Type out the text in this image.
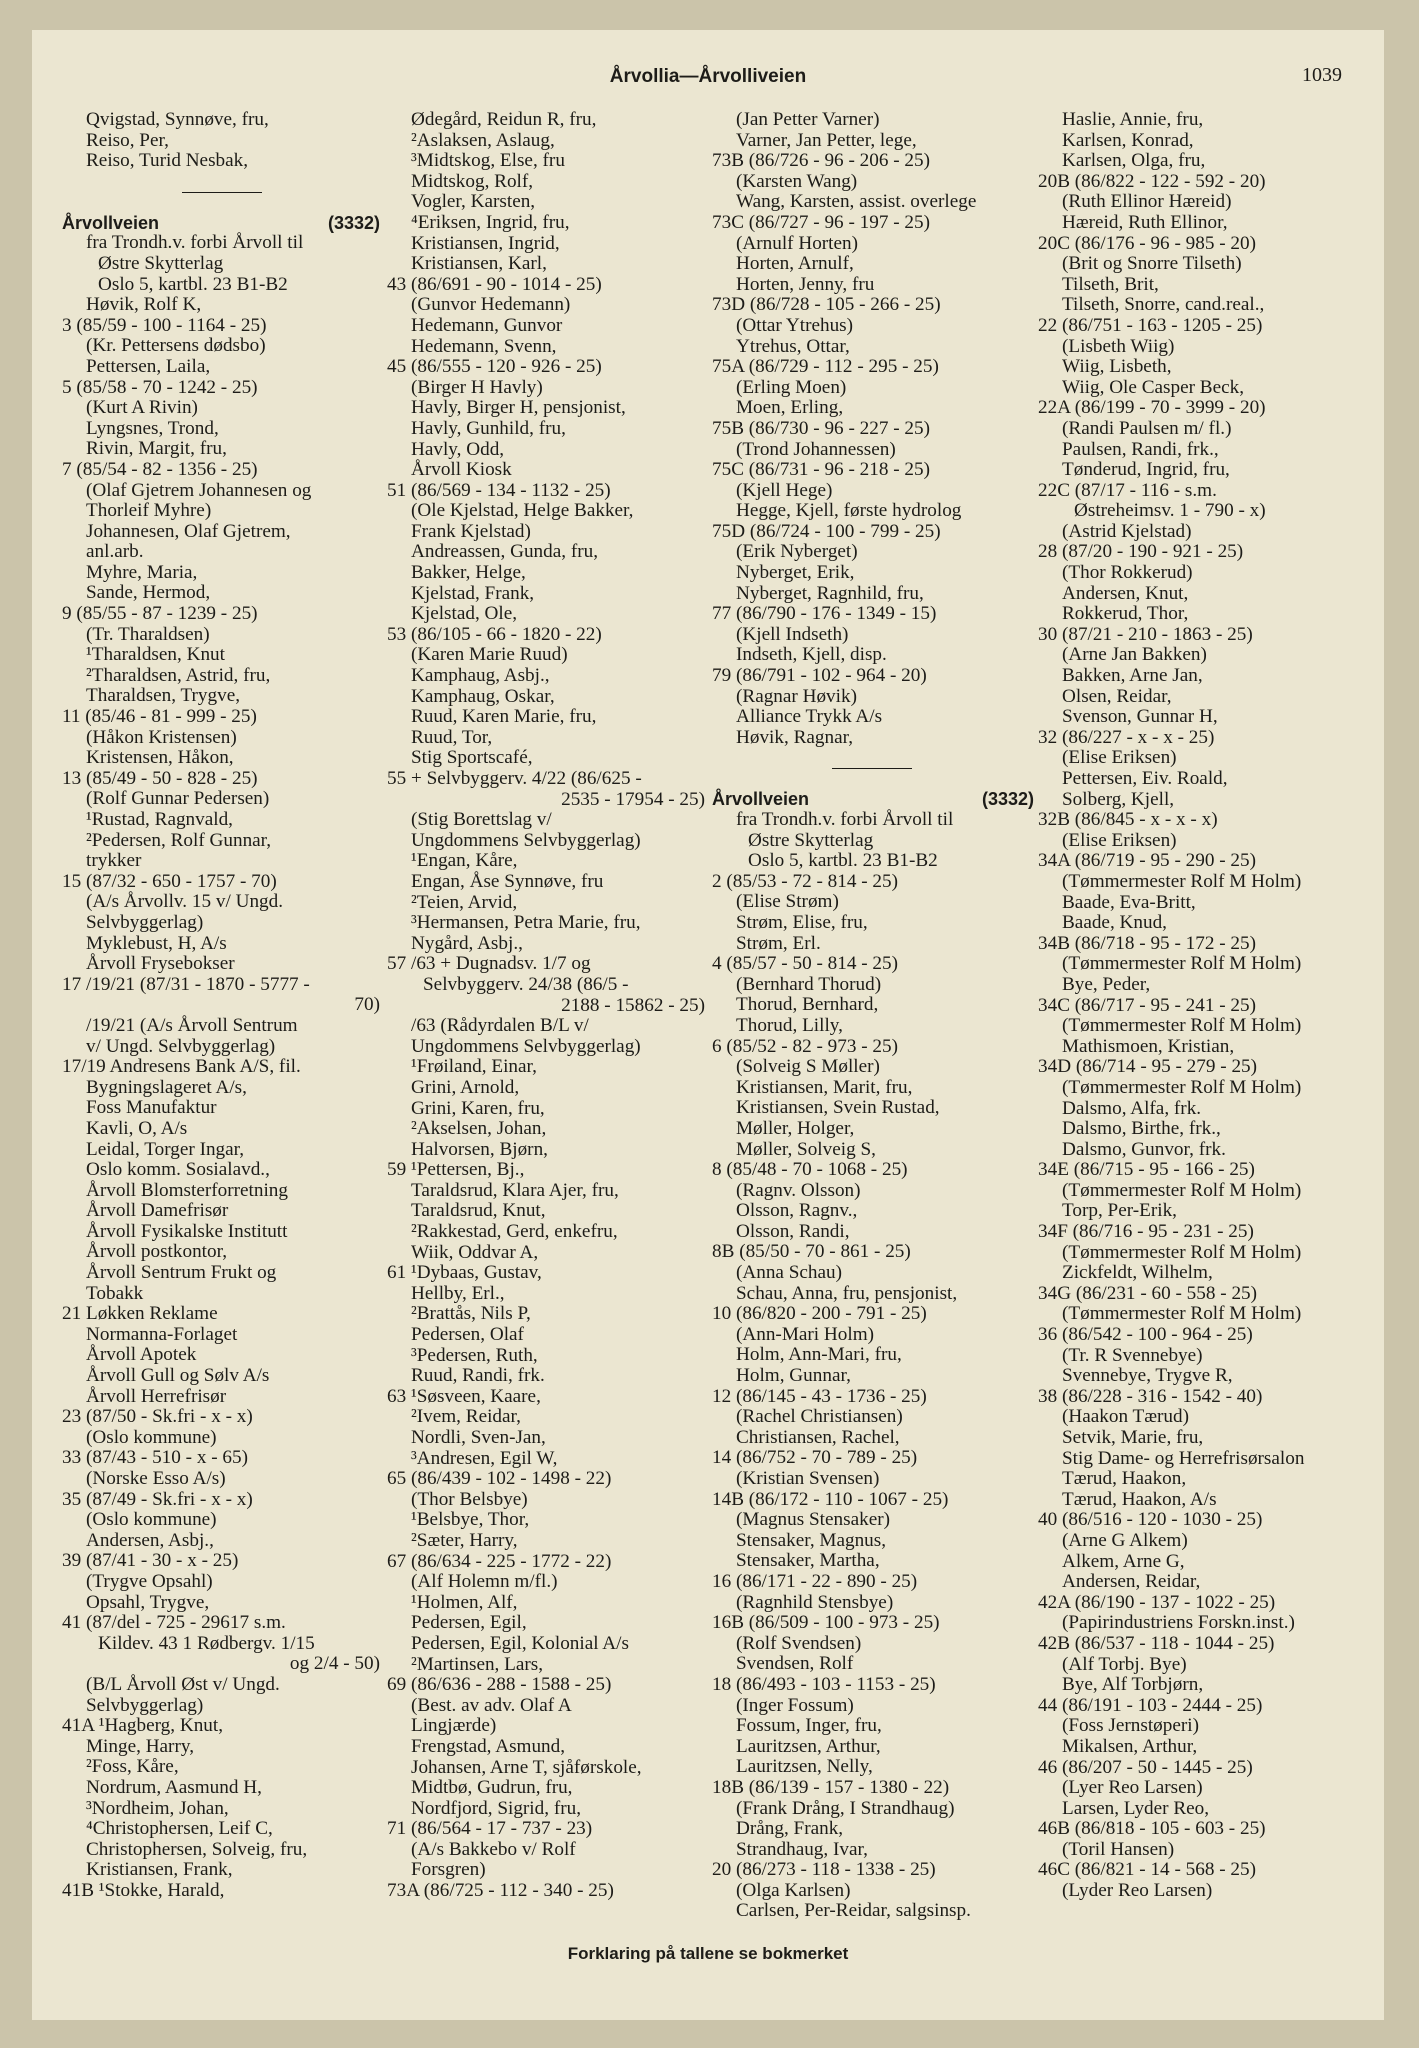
Årvollia—Årvolliveien	1039
Qvigstad, Synnøve, fru,
Reiso, Per,
Reiso, Turid Nesbak,
Årvollveien	(3332)
fra Trondh.v. forbi Årvoll til
Østre Skytterlag
Oslo 5, kartbl. 23 B1-B2
Høvik, Rolf K,
3 (85/59 - 100 - 1164 - 25)
(Kr. Pettersens dødsbo)
Pettersen, Laila,
5 (85/58 - 70 - 1242 - 25)
(Kurt A Rivin)
Lyngsnes, Trond,
Rivin, Margit, fru,
7 (85/54 - 82 - 1356 - 25)
(Olaf Gjetrem Johannesen og
Thorleif Myhre)
Johannesen, Olaf Gjetrem,
anl.arb.
Myhre, Maria,
Sande, Hermod,
9 (85/55 - 87 - 1239 - 25)
(Tr. Tharaldsen)
¹Tharaldsen, Knut
²Tharaldsen, Astrid, fru,
Tharaldsen, Trygve,
11 (85/46 - 81 - 999 - 25)
(Håkon Kristensen)
Kristensen, Håkon,
13 (85/49 - 50 - 828 - 25)
(Rolf Gunnar Pedersen)
¹Rustad, Ragnvald,
²Pedersen, Rolf Gunnar,
trykker
15 (87/32 - 650 - 1757 - 70)
(A/s Årvollv. 15 v/ Ungd.
Selvbyggerlag)
Myklebust, H, A/s
Årvoll Frysebokser
17 /19/21 (87/31 - 1870 - 5777 -
70)
/19/21 (A/s Årvoll Sentrum
v/ Ungd. Selvbyggerlag)
17/19 Andresens Bank A/S, fil.
Bygningslageret A/s,
Foss Manufaktur
Kavli, O, A/s
Leidal, Torger Ingar,
Oslo komm. Sosialavd.,
Årvoll Blomsterforretning
Årvoll Damefrisør
Årvoll Fysikalske Institutt
Årvoll postkontor,
Årvoll Sentrum Frukt og
Tobakk
21 Løkken Reklame
Normanna-Forlaget
Årvoll Apotek
Årvoll Gull og Sølv A/s
Årvoll Herrefrisør
23 (87/50 - Sk.fri - x - x)
(Oslo kommune)
33 (87/43 - 510 - x - 65)
(Norske Esso A/s)
35 (87/49 - Sk.fri - x - x)
(Oslo kommune)
Andersen, Asbj.,
39 (87/41 - 30 - x - 25)
(Trygve Opsahl)
Opsahl, Trygve,
41 (87/del - 725 - 29617 s.m.
Kildev. 43 1 Rødbergv. 1/15
og 2/4 - 50)
(B/L Årvoll Øst v/ Ungd.
Selvbyggerlag)
41A ¹Hagberg, Knut,
Minge, Harry,
²Foss, Kåre,
Nordrum, Aasmund H,
³Nordheim, Johan,
⁴Christophersen, Leif C,
Christophersen, Solveig, fru,
Kristiansen, Frank,
41B ¹Stokke, Harald,
Ødegård, Reidun R, fru,
²Aslaksen, Aslaug,
³Midtskog, Else, fru
Midtskog, Rolf,
Vogler, Karsten,
⁴Eriksen, Ingrid, fru,
Kristiansen, Ingrid,
Kristiansen, Karl,
43 (86/691 - 90 - 1014 - 25)
(Gunvor Hedemann)
Hedemann, Gunvor
Hedemann, Svenn,
45 (86/555 - 120 - 926 - 25)
(Birger H Havly)
Havly, Birger H, pensjonist,
Havly, Gunhild, fru,
Havly, Odd,
Årvoll Kiosk
51 (86/569 - 134 - 1132 - 25)
(Ole Kjelstad, Helge Bakker,
Frank Kjelstad)
Andreassen, Gunda, fru,
Bakker, Helge,
Kjelstad, Frank,
Kjelstad, Ole,
53 (86/105 - 66 - 1820 - 22)
(Karen Marie Ruud)
Kamphaug, Asbj.,
Kamphaug, Oskar,
Ruud, Karen Marie, fru,
Ruud, Tor,
Stig Sportscafé,
55 + Selvbyggerv. 4/22 (86/625 -
2535 - 17954 - 25)
(Stig Borettslag v/
Ungdommens Selvbyggerlag)
¹Engan, Kåre,
Engan, Åse Synnøve, fru
²Teien, Arvid,
³Hermansen, Petra Marie, fru,
Nygård, Asbj.,
57 /63 + Dugnadsv. 1/7 og
Selvbyggerv. 24/38 (86/5 -
2188 - 15862 - 25)
/63 (Rådyrdalen B/L v/
Ungdommens Selvbyggerlag)
¹Frøiland, Einar,
Grini, Arnold,
Grini, Karen, fru,
²Akselsen, Johan,
Halvorsen, Bjørn,
59 ¹Pettersen, Bj.,
Taraldsrud, Klara Ajer, fru,
Taraldsrud, Knut,
²Rakkestad, Gerd, enkefru,
Wiik, Oddvar A,
61 ¹Dybaas, Gustav,
Hellby, Erl.,
²Brattås, Nils P,
Pedersen, Olaf
³Pedersen, Ruth,
Ruud, Randi, frk.
63 ¹Søsveen, Kaare,
²Ivem, Reidar,
Nordli, Sven-Jan,
³Andresen, Egil W,
65 (86/439 - 102 - 1498 - 22)
(Thor Belsbye)
¹Belsbye, Thor,
²Sæter, Harry,
67 (86/634 - 225 - 1772 - 22)
(Alf Holemn m/fl.)
¹Holmen, Alf,
Pedersen, Egil,
Pedersen, Egil, Kolonial A/s
²Martinsen, Lars,
69 (86/636 - 288 - 1588 - 25)
(Best. av adv. Olaf A
Lingjærde)
Frengstad, Asmund,
Johansen, Arne T, sjåførskole,
Midtbø, Gudrun, fru,
Nordfjord, Sigrid, fru,
71 (86/564 - 17 - 737 - 23)
(A/s Bakkebo v/ Rolf
Forsgren)
73A (86/725 - 112 - 340 - 25)
(Jan Petter Varner)
Varner, Jan Petter, lege,
73B (86/726 - 96 - 206 - 25)
(Karsten Wang)
Wang, Karsten, assist. overlege
73C (86/727 - 96 - 197 - 25)
(Arnulf Horten)
Horten, Arnulf,
Horten, Jenny, fru
73D (86/728 - 105 - 266 - 25)
(Ottar Ytrehus)
Ytrehus, Ottar,
75A (86/729 - 112 - 295 - 25)
(Erling Moen)
Moen, Erling,
75B (86/730 - 96 - 227 - 25)
(Trond Johannessen)
75C (86/731 - 96 - 218 - 25)
(Kjell Hege)
Hegge, Kjell, første hydrolog
75D (86/724 - 100 - 799 - 25)
(Erik Nyberget)
Nyberget, Erik,
Nyberget, Ragnhild, fru,
77 (86/790 - 176 - 1349 - 15)
(Kjell Indseth)
Indseth, Kjell, disp.
79 (86/791 - 102 - 964 - 20)
(Ragnar Høvik)
Alliance Trykk A/s
Høvik, Ragnar,
Årvollveien	(3332)
fra Trondh.v. forbi Årvoll til
Østre Skytterlag
Oslo 5, kartbl. 23 B1-B2
2 (85/53 - 72 - 814 - 25)
(Elise Strøm)
Strøm, Elise, fru,
Strøm, Erl.
4 (85/57 - 50 - 814 - 25)
(Bernhard Thorud)
Thorud, Bernhard,
Thorud, Lilly,
6 (85/52 - 82 - 973 - 25)
(Solveig S Møller)
Kristiansen, Marit, fru,
Kristiansen, Svein Rustad,
Møller, Holger,
Møller, Solveig S,
8 (85/48 - 70 - 1068 - 25)
(Ragnv. Olsson)
Olsson, Ragnv.,
Olsson, Randi,
8B (85/50 - 70 - 861 - 25)
(Anna Schau)
Schau, Anna, fru, pensjonist,
10 (86/820 - 200 - 791 - 25)
(Ann-Mari Holm)
Holm, Ann-Mari, fru,
Holm, Gunnar,
12 (86/145 - 43 - 1736 - 25)
(Rachel Christiansen)
Christiansen, Rachel,
14 (86/752 - 70 - 789 - 25)
(Kristian Svensen)
14B (86/172 - 110 - 1067 - 25)
(Magnus Stensaker)
Stensaker, Magnus,
Stensaker, Martha,
16 (86/171 - 22 - 890 - 25)
(Ragnhild Stensbye)
16B (86/509 - 100 - 973 - 25)
(Rolf Svendsen)
Svendsen, Rolf
18 (86/493 - 103 - 1153 - 25)
(Inger Fossum)
Fossum, Inger, fru,
Lauritzsen, Arthur,
Lauritzsen, Nelly,
18B (86/139 - 157 - 1380 - 22)
(Frank Drång, I Strandhaug)
Drång, Frank,
Strandhaug, Ivar,
20 (86/273 - 118 - 1338 - 25)
(Olga Karlsen)
Carlsen, Per-Reidar, salgsinsp.
Haslie, Annie, fru,
Karlsen, Konrad,
Karlsen, Olga, fru,
20B (86/822 - 122 - 592 - 20)
(Ruth Ellinor Hæreid)
Hæreid, Ruth Ellinor,
20C (86/176 - 96 - 985 - 20)
(Brit og Snorre Tilseth)
Tilseth, Brit,
Tilseth, Snorre, cand.real.,
22 (86/751 - 163 - 1205 - 25)
(Lisbeth Wiig)
Wiig, Lisbeth,
Wiig, Ole Casper Beck,
22A (86/199 - 70 - 3999 - 20)
(Randi Paulsen m/ fl.)
Paulsen, Randi, frk.,
Tønderud, Ingrid, fru,
22C (87/17 - 116 - s.m.
Østreheimsv. 1 - 790 - x)
(Astrid Kjelstad)
28 (87/20 - 190 - 921 - 25)
(Thor Rokkerud)
Andersen, Knut,
Rokkerud, Thor,
30 (87/21 - 210 - 1863 - 25)
(Arne Jan Bakken)
Bakken, Arne Jan,
Olsen, Reidar,
Svenson, Gunnar H,
32 (86/227 - x - x - 25)
(Elise Eriksen)
Pettersen, Eiv. Roald,
Solberg, Kjell,
32B (86/845 - x - x - x)
(Elise Eriksen)
34A (86/719 - 95 - 290 - 25)
(Tømmermester Rolf M Holm)
Baade, Eva-Britt,
Baade, Knud,
34B (86/718 - 95 - 172 - 25)
(Tømmermester Rolf M Holm)
Bye, Peder,
34C (86/717 - 95 - 241 - 25)
(Tømmermester Rolf M Holm)
Mathismoen, Kristian,
34D (86/714 - 95 - 279 - 25)
(Tømmermester Rolf M Holm)
Dalsmo, Alfa, frk.
Dalsmo, Birthe, frk.,
Dalsmo, Gunvor, frk.
34E (86/715 - 95 - 166 - 25)
(Tømmermester Rolf M Holm)
Torp, Per-Erik,
34F (86/716 - 95 - 231 - 25)
(Tømmermester Rolf M Holm)
Zickfeldt, Wilhelm,
34G (86/231 - 60 - 558 - 25)
(Tømmermester Rolf M Holm)
36 (86/542 - 100 - 964 - 25)
(Tr. R Svennebye)
Svennebye, Trygve R,
38 (86/228 - 316 - 1542 - 40)
(Haakon Tærud)
Setvik, Marie, fru,
Stig Dame- og Herrefrisørsalon
Tærud, Haakon,
Tærud, Haakon, A/s
40 (86/516 - 120 - 1030 - 25)
(Arne G Alkem)
Alkem, Arne G,
Andersen, Reidar,
42A (86/190 - 137 - 1022 - 25)
(Papirindustriens Forskn.inst.)
42B (86/537 - 118 - 1044 - 25)
(Alf Torbj. Bye)
Bye, Alf Torbjørn,
44 (86/191 - 103 - 2444 - 25)
(Foss Jernstøperi)
Mikalsen, Arthur,
46 (86/207 - 50 - 1445 - 25)
(Lyer Reo Larsen)
Larsen, Lyder Reo,
46B (86/818 - 105 - 603 - 25)
(Toril Hansen)
46C (86/821 - 14 - 568 - 25)
(Lyder Reo Larsen)
Forklaring på tallene se bokmerket
